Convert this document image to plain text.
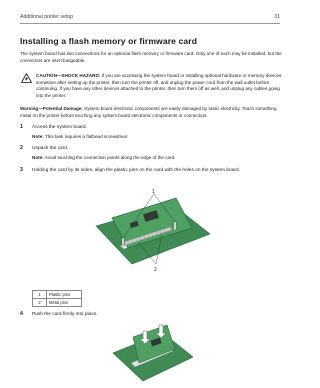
Additional printer setup	31
Installing a flash memory or firmware card

The system board has two connections for an optional flash memory or firmware card. Only one of each may be installed, but the connectors are interchangeable.

CAUTION—SHOCK HAZARD: If you are accessing the system board or installing optional hardware or memory devices sometime after setting up the printer, then turn the printer off, and unplug the power cord from the wall outlet before continuing. If you have any other devices attached to the printer, then turn them off as well, and unplug any cables going into the printer.

Warning—Potential Damage: System board electronic components are easily damaged by static electricity. Touch something metal on the printer before touching any system board electronic components or connectors.

1 Access the system board.

Note: This task requires a flathead screwdriver.

2 Unpack the card.

Note: Avoid touching the connection points along the edge of the card.

3 Holding the card by its sides, align the plastic pins on the card with the holes on the system board.

1
2
1	Plastic pins
2	Metal pins

4 Push the card firmly into place.
